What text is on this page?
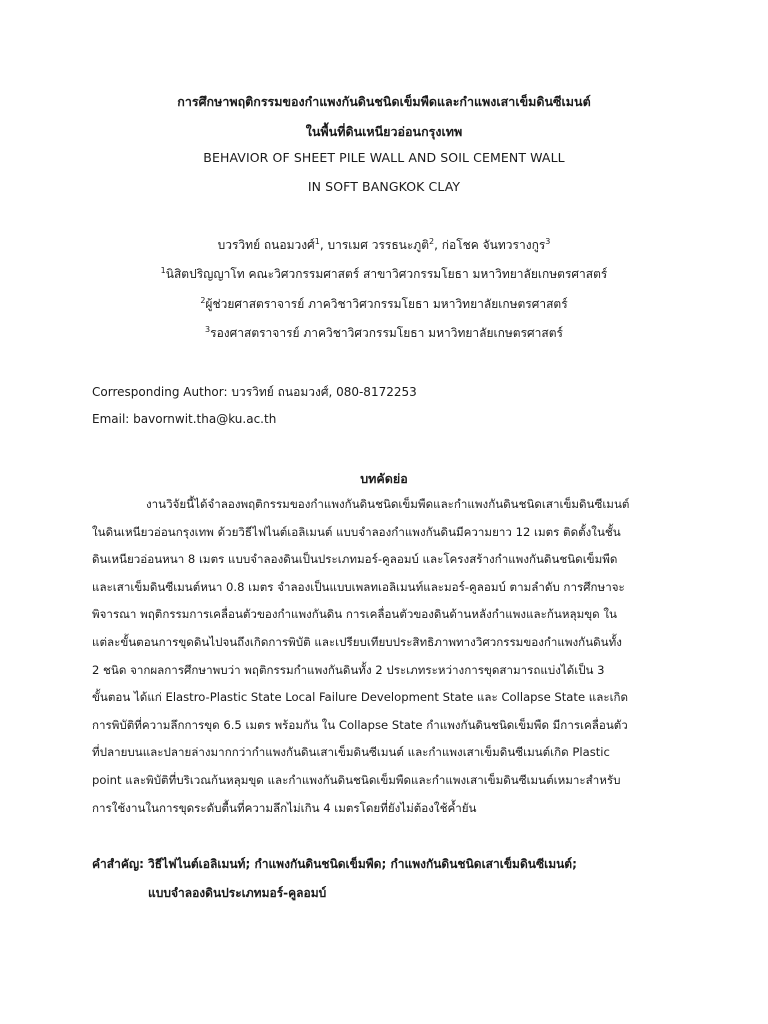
การศึกษาพฤติกรรมของกำแพงกันดินชนิดเข็มพืดและกำแพงเสาเข็มดินซีเมนต์
ในพื้นที่ดินเหนียวอ่อนกรุงเทพ
BEHAVIOR OF SHEET PILE WALL AND SOIL CEMENT WALL
IN SOFT BANGKOK CLAY
บวรวิทย์ ถนอมวงศ์$^1$, บารเมศ วรรธนะภูติ$^2$, ก่อโชค จันทวรางกูร$^3$
$^1$นิสิตปริญญาโท คณะวิศวกรรมศาสตร์ สาขาวิศวกรรมโยธา มหาวิทยาลัยเกษตรศาสตร์
$^2$ผู้ช่วยศาสตราจารย์ ภาควิชาวิศวกรรมโยธา มหาวิทยาลัยเกษตรศาสตร์
$^3$รองศาสตราจารย์ ภาควิชาวิศวกรรมโยธา มหาวิทยาลัยเกษตรศาสตร์
Corresponding Author: บวรวิทย์ ถนอมวงศ์, 080-8172253
Email: bavornwit.tha@ku.ac.th
บทคัดย่อ
งานวิจัยนี้ได้จำลองพฤติกรรมของกำแพงกันดินชนิดเข็มพืดและกำแพงกันดินชนิดเสาเข็มดินซีเมนต์
ในดินเหนียวอ่อนกรุงเทพ ด้วยวิธีไฟไนต์เอลิเมนต์ แบบจำลองกำแพงกันดินมีความยาว 12 เมตร ติดตั้งในชั้น
ดินเหนียวอ่อนหนา 8 เมตร แบบจำลองดินเป็นประเภทมอร์-คูลอมบ์ และโครงสร้างกำแพงกันดินชนิดเข็มพืด
และเสาเข็มดินซีเมนต์หนา 0.8 เมตร จำลองเป็นแบบเพลทเอลิเมนท์และมอร์-คูลอมบ์ ตามลำดับ การศึกษาจะ
พิจารณา พฤติกรรมการเคลื่อนตัวของกำแพงกันดิน การเคลื่อนตัวของดินด้านหลังกำแพงและก้นหลุมขุด ใน
แต่ละขั้นตอนการขุดดินไปจนถึงเกิดการพิบัติ และเปรียบเทียบประสิทธิภาพทางวิศวกรรมของกำแพงกันดินทั้ง
2 ชนิด จากผลการศึกษาพบว่า พฤติกรรมกำแพงกันดินทั้ง 2 ประเภทระหว่างการขุดสามารถแบ่งได้เป็น 3
ขั้นตอน ได้แก่ Elastro-Plastic State Local Failure Development State และ Collapse State และเกิด
การพิบัติที่ความลึกการขุด 6.5 เมตร พร้อมกัน ใน Collapse State กำแพงกันดินชนิดเข็มพืด มีการเคลื่อนตัว
ที่ปลายบนและปลายล่างมากกว่ากำแพงกันดินเสาเข็มดินซีเมนต์ และกำแพงเสาเข็มดินซีเมนต์เกิด Plastic
point และพิบัติที่บริเวณก้นหลุมขุด และกำแพงกันดินชนิดเข็มพืดและกำแพงเสาเข็มดินซีเมนต์เหมาะสำหรับ
การใช้งานในการขุดระดับตื้นที่ความลึกไม่เกิน 4 เมตรโดยที่ยังไม่ต้องใช้ค้ำยัน
คำสำคัญ: วิธีไฟไนต์เอลิเมนท์; กำแพงกันดินชนิดเข็มพืด; กำแพงกันดินชนิดเสาเข็มดินซีเมนต์;
แบบจำลองดินประเภทมอร์-คูลอมบ์
